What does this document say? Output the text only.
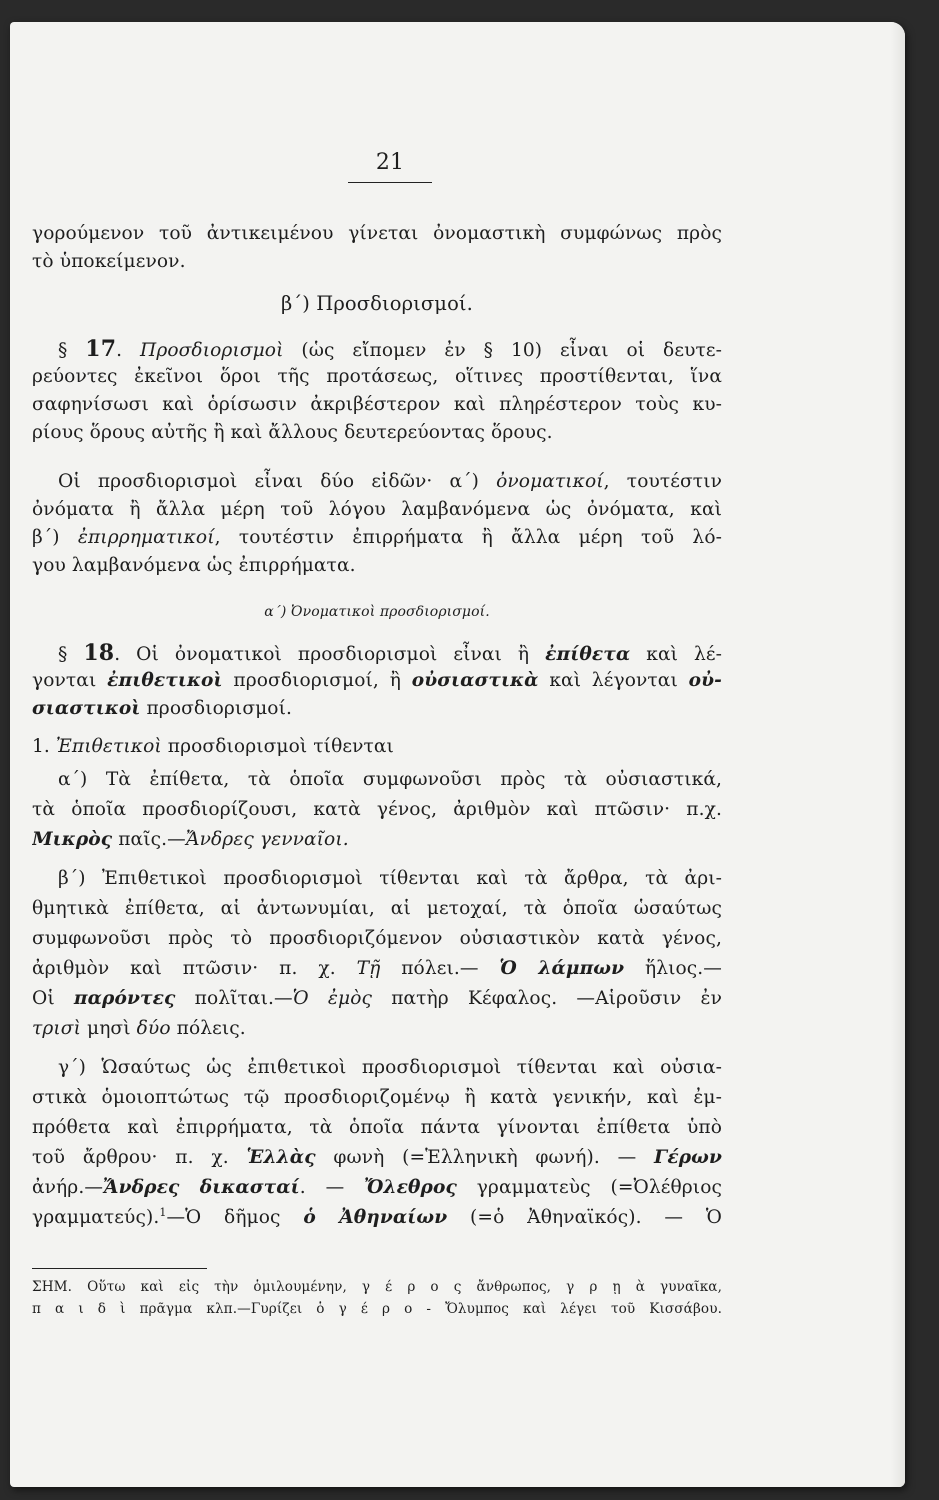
21
γορούμενον τοῦ ἀντικειμένου γίνεται ὀνομαστικὴ συμφώνως πρὸς
τὸ ὑποκείμενον.
β΄) Προσδιορισμοί.
§ 17. Προσδιορισμοὶ (ὡς εἴπομεν ἐν § 10) εἶναι οἱ δευτε-
ρεύοντες ἐκεῖνοι ὅροι τῆς προτάσεως, οἵτινες προστίθενται, ἵνα
σαφηνίσωσι καὶ ὁρίσωσιν ἀκριβέστερον καὶ πληρέστερον τοὺς κυ-
ρίους ὅρους αὐτῆς ἢ καὶ ἄλλους δευτερεύοντας ὅρους.
Οἱ προσδιορισμοὶ εἶναι δύο εἰδῶν· α΄) ὀνοματικοί, τουτέστιν
ὀνόματα ἢ ἄλλα μέρη τοῦ λόγου λαμβανόμενα ὡς ὀνόματα, καὶ
β΄) ἐπιρρηματικοί, τουτέστιν ἐπιρρήματα ἢ ἄλλα μέρη τοῦ λό-
γου λαμβανόμενα ὡς ἐπιρρήματα.
α΄) Ὀνοματικοὶ προσδιορισμοί.
§ 18. Οἱ ὀνοματικοὶ προσδιορισμοὶ εἶναι ἢ ἐπίθετα καὶ λέ-
γονται ἐπιθετικοὶ προσδιορισμοί, ἢ οὐσιαστικὰ καὶ λέγονται οὐ-
σιαστικοὶ προσδιορισμοί.
1. Ἐπιθετικοὶ προσδιορισμοὶ τίθενται
α΄) Τὰ ἐπίθετα, τὰ ὁποῖα συμφωνοῦσι πρὸς τὰ οὐσιαστικά,
τὰ ὁποῖα προσδιορίζουσι, κατὰ γένος, ἀριθμὸν καὶ πτῶσιν· π.χ.
Μικρὸς παῖς.—Ἄνδρες γενναῖοι.
β΄) Ἐπιθετικοὶ προσδιορισμοὶ τίθενται καὶ τὰ ἄρθρα, τὰ ἀρι-
θμητικὰ ἐπίθετα, αἱ ἀντωνυμίαι, αἱ μετοχαί, τὰ ὁποῖα ὡσαύτως
συμφωνοῦσι πρὸς τὸ προσδιοριζόμενον οὐσιαστικὸν κατὰ γένος,
ἀριθμὸν καὶ πτῶσιν· π. χ. Τῇ πόλει.— Ὁ λάμπων ἥλιος.—
Οἱ παρόντες πολῖται.—Ὁ ἐμὸς πατὴρ Κέφαλος. —Αἱροῦσιν ἐν
τρισὶ μησὶ δύο πόλεις.
γ΄) Ὡσαύτως ὡς ἐπιθετικοὶ προσδιορισμοὶ τίθενται καὶ οὐσια-
στικὰ ὁμοιοπτώτως τῷ προσδιοριζομένῳ ἢ κατὰ γενικήν, καὶ ἐμ-
πρόθετα καὶ ἐπιρρήματα, τὰ ὁποῖα πάντα γίνονται ἐπίθετα ὑπὸ
τοῦ ἄρθρου· π. χ. Ἑλλὰς φωνὴ (=Ἑλληνικὴ φωνή). — Γέρων
ἀνήρ.—Ἄνδρες δικασταί. — Ὄλεθρος γραμματεὺς (=Ὀλέθριος
γραμματεύς).$^1$—Ὁ δῆμος ὁ Ἀθηναίων (=ὁ Ἀθηναϊκός). — Ὁ
ΣΗΜ. Οὕτω καὶ εἰς τὴν ὁμιλουμένην, γ έ ρ ο ς ἄνθρωπος, γ ρ ῃ ὰ γυναῖκα,
π α ι δ ὶ πρᾶγμα κλπ.—Γυρίζει ὁ γ έ ρ ο - Ὄλυμπος καὶ λέγει τοῦ Κισσάβου.
